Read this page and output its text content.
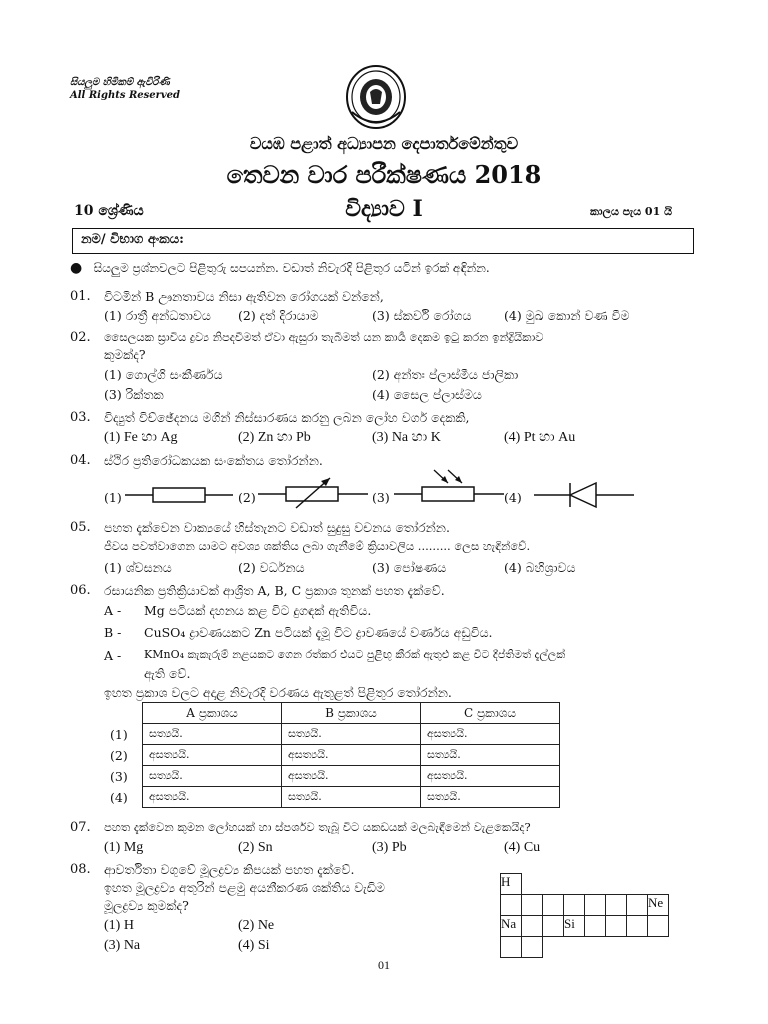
සියලුම හිමිකම් ඇවිරිණි
All Rights Reserved
වයඹ පළාත් අධ්‍යාපන දෙපාර්තමේන්තුව
තෙවන වාර පරීක්ෂණය 2018
10 ශ්‍රේණිය	විද්‍යාව I	කාලය පැය 01 යි
නම/ විභාග අංකය:
● සියලුම ප්‍රශ්නවලට පිළිතුරු සපයන්න. වඩාත් නිවැරදි පිළිතුර යටින් ඉරක් අඳින්න.
01. විටමින් B ඌනතාවය නිසා ඇතිවන රෝගයක් වන්නේ,
(1) රාත්‍රී අන්ධතාවය (2) දත් දිරායාම	(3) ස්කර්වි රෝගය	(4) මුඛ කොන් වණ වීම
02. සෛලයක ස්‍රාවිය ද්‍රව්‍ය නිපදවීමත් ඒවා ඇසුරා තැබීමත් යන කාර්‍ය දෙකම ඉටු කරන ඉන්ද්‍රියිකාව
කුමක්ද?
(1) ගොල්ගි සංකීර්ණය	(2) අන්තඃ ප්ලාස්මීය ජාලිකා
(3) රික්තක	(4) සෛල ප්ලාස්මය
03. විද්‍යුත් විච්ඡේදනය මගින් නිස්සාරණය කරනු ලබන ලෝහ වර්ග දෙකකි,
(1) Fe හා Ag	(2) Zn හා Pb	(3) Na හා K	(4) Pt හා Au
04. ස්ථිර ප්‍රතිරෝධකයක සංකේතය තෝරන්න.
(1)	(2)	(3)	(4)
05. පහත දැක්වෙන වාක්‍යයේ හිස්තැනට වඩාත් සුදුසු වචනය තෝරන්න.
ජීවය පවත්වාගෙන යාමට අවශ්‍ය ශක්තිය ලබා ගැනීමේ ක්‍රියාවලිය ......... ලෙස හැඳින්වේ.
(1) ශ්වසනය	(2) වර්ධනය	(3) පෝෂණය	(4) බහිශ්‍රාවය
06. රසායනික ප්‍රතික්‍රියාවක් ආශ්‍රිත A, B, C ප්‍රකාශ තුනක් පහත දැක්වේ.
A - Mg පටියක් දහනය කළ විට දුගඳක් ඇතිවිය.
B - CuSO₄ ද්‍රාවණයකට Zn පටියක් දැමූ විට ද්‍රාවණයේ වර්ණය අඩුවිය.
A - KMnO₄ කැකැරුම් නළයකට ගෙන රත්කර එයට පුළිඟු කීරක් ඇතුළු කළ විට දීප්තිමත් දැල්ලක්
ඇති වේ.
ඉහත ප්‍රකාශ වලට අදාළ නිවැරදි වරණය ඇතුළත් පිළිතුර තෝරන්න.
	A ප්‍රකාශය	B ප්‍රකාශය	C ප්‍රකාශය
(1)	සත්‍යයි.	සත්‍යයි.	අසත්‍යයි.
(2)	අසත්‍යයි.	අසත්‍යයි.	සත්‍යයි.
(3)	සත්‍යයි.	අසත්‍යයි.	අසත්‍යයි.
(4)	අසත්‍යයි.	සත්‍යයි.	සත්‍යයි.
07. පහත දැක්වෙන කුමන ලෝහයක් හා ස්පර්ශව තැබූ විට යකඩයක් මලබැඳීමෙන් වැළකෙයිද?
(1) Mg	(2) Sn	(3) Pb	(4) Cu
08. ආවර්තිතා වගුවේ මූලද්‍රව්‍ය කිපයක් පහත දැක්වේ.
ඉහත මූලද්‍රව්‍ය අතුරින් පළමු අයනීකරණ ශක්තිය වැඩිම
මූලද්‍රව්‍ය කුමක්ද?
(1) H	(2) Ne
(3) Na	(4) Si
H							
							Ne
Na			Si				

01
